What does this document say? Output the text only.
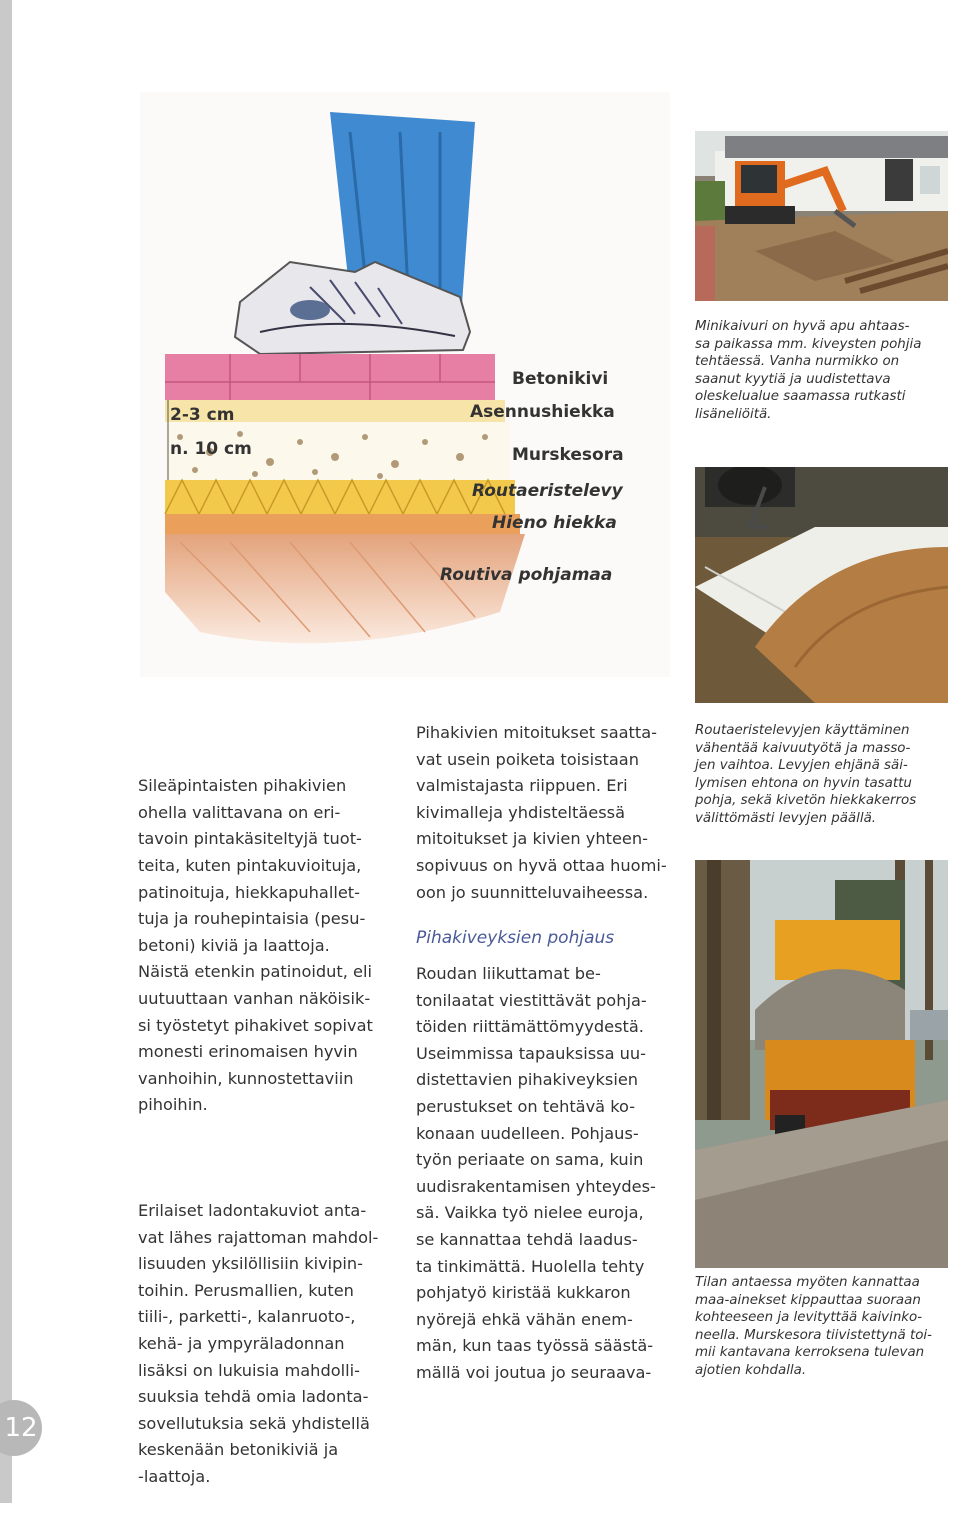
12
Betonikivi
Asennushiekka
Murskesora
Routaeristelevy
Hieno hiekka
Routiva pohjamaa
2-3 cm
n. 10 cm
Minikaivuri on hyvä apu ahtaas-
sa paikassa mm. kiveysten pohjia
tehtäessä. Vanha nurmikko on
saanut kyytiä ja uudistettava
oleskelualue saamassa rutkasti
lisäneliöitä.
Routaeristelevyjen käyttäminen
vähentää kaivuutyötä ja masso-
jen vaihtoa. Levyjen ehjänä säi-
lymisen ehtona on hyvin tasattu
pohja, sekä kivetön hiekkakerros
välittömästi levyjen päällä.
Tilan antaessa myöten kannattaa
maa-ainekset kippauttaa suoraan
kohteeseen ja levityttää kaivinko-
neella. Murskesora tiivistettynä toi-
mii kantavana kerroksena tulevan
ajotien kohdalla.

Sileäpintaisten pihakivien
ohella valittavana on eri-
tavoin pintakäsiteltyjä tuot-
teita, kuten pintakuvioituja,
patinoituja, hiekkapuhallet-
tuja ja rouhepintaisia (pesu-
betoni) kiviä ja laattoja.
Näistä etenkin patinoidut, eli
uutuuttaan vanhan näköisik-
si työstetyt pihakivet sopivat
monesti erinomaisen hyvin
vanhoihin, kunnostettaviin
pihoihin.

Erilaiset ladontakuviot anta-
vat lähes rajattoman mahdol-
lisuuden yksilöllisiin kivipin-
toihin. Perusmallien, kuten
tiili-, parketti-, kalanruoto-,
kehä- ja ympyräladonnan
lisäksi on lukuisia mahdolli-
suuksia tehdä omia ladonta-
sovellutuksia sekä yhdistellä
keskenään betonikiviä ja
-laattoja.

Pihakivien mitoitukset saatta-
vat usein poiketa toisistaan
valmistajasta riippuen. Eri
kivimalleja yhdisteltäessä
mitoitukset ja kivien yhteen-
sopivuus on hyvä ottaa huomi-
oon jo suunnitteluvaiheessa.
Pihakiveyksien pohjaus
Roudan liikuttamat be-
tonilaatat viestittävät pohja-
töiden riittämättömyydestä.
Useimmissa tapauksissa uu-
distettavien pihakiveyksien
perustukset on tehtävä ko-
konaan uudelleen. Pohjaus-
työn periaate on sama, kuin
uudisrakentamisen yhteydes-
sä. Vaikka työ nielee euroja,
se kannattaa tehdä laadus-
ta tinkimättä. Huolella tehty
pohjatyö kiristää kukkaron
nyörejä ehkä vähän enem-
män, kun taas työssä säästä-
mällä voi joutua jo seuraava-
